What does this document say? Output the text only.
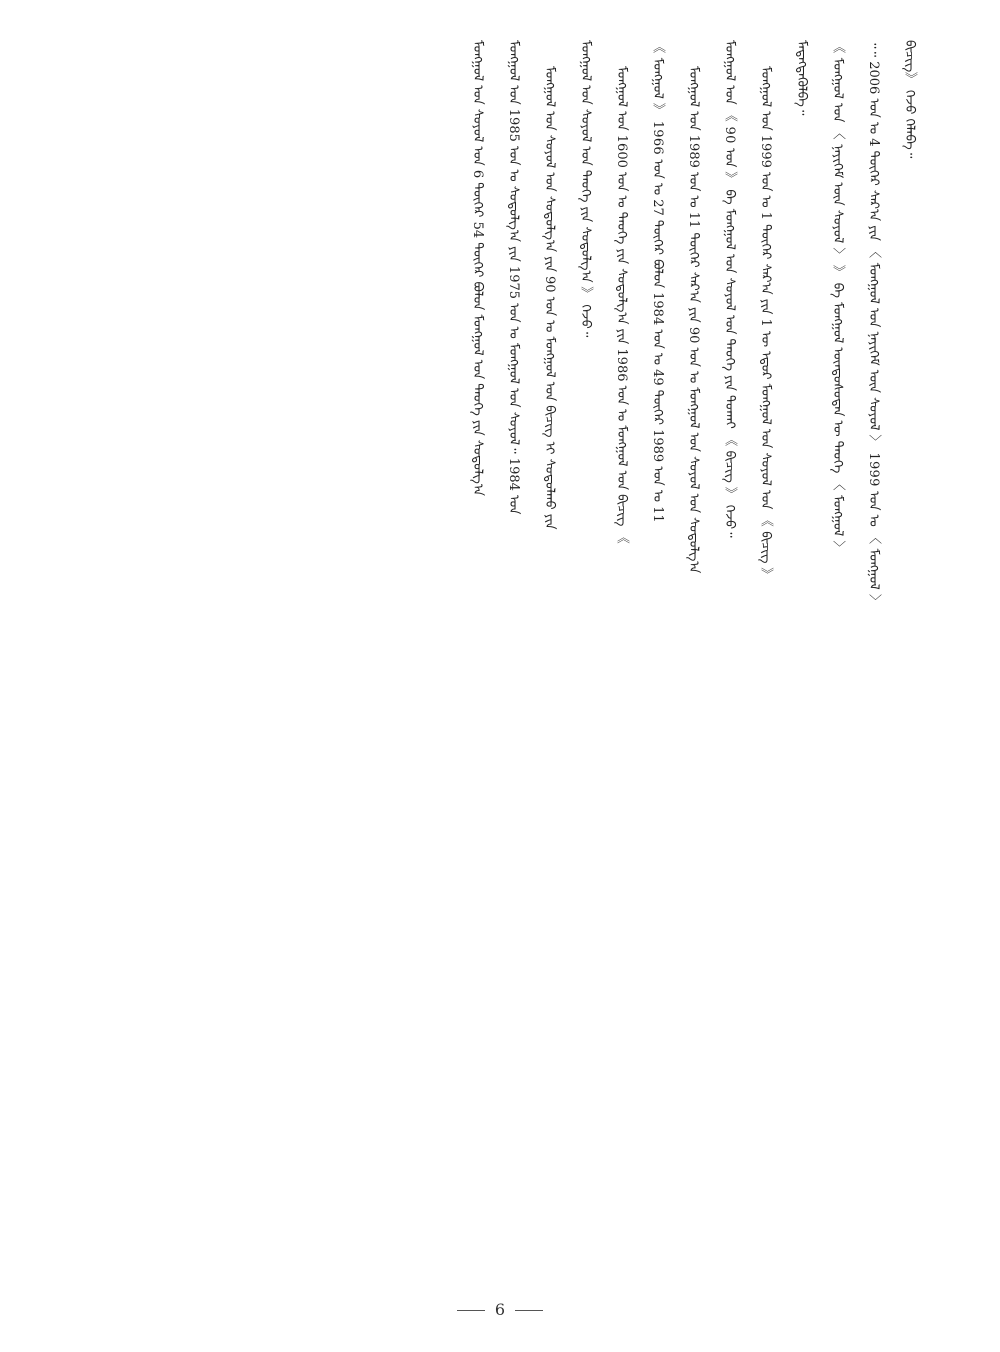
ᠪᠢᠴᠢᠭ᠌》 ᠭᠡᠵᠦ ᠬᠡᠯᠡᠪᠡ᠃
᠃᠃ 2006 ᠣᠨ ᠤ 4 ᠳᠦᠭᠡᠷ ᠰᠠᠷ᠎ᠠ ᠶᠢᠨ 〈 ᠮᠣᠩᠭᠣᠯ ᠤᠨ ᠨᠡᠶᠢᠭᠡᠮ ᠦᠨ ᠰᠣᠶᠣᠯ 〉 1999 ᠣᠨ ᠤ 〈 ᠮᠣᠩᠭᠣᠯ 〉
《 ᠮᠣᠩᠭᠣᠯ ᠤᠨ 〈 ᠨᠡᠶᠢᠭᠡᠮ ᠦᠨ ᠰᠣᠶᠣᠯ 〉 》 ᠪᠠ ᠮᠣᠩᠭᠣᠯ ᠦᠨᠳᠦᠰᠦᠲᠡᠨ ᠦ ᠲᠡᠦᠬᠡ 〈 ᠮᠣᠩᠭᠣᠯ 〉
ᠮᠡᠳᠡᠭᠳᠡᠭᠦᠯᠪᠡ᠃
ᠮᠣᠩᠭᠣᠯ ᠤᠨ 1999 ᠣᠨ ᠤ 1 ᠳᠦᠭᠡᠷ ᠰᠠᠷ᠎ᠠ ᠶᠢᠨ 1 ᠦ ᠡᠳᠦᠷ ᠮᠣᠩᠭᠣᠯ ᠤᠨ ᠰᠣᠶᠣᠯ ᠤᠨ 《 ᠪᠢᠴᠢᠭ᠌ 》
ᠮᠣᠩᠭᠣᠯ ᠤᠨ 《 90 ᠣᠨ 》 ᠪᠠ ᠮᠣᠩᠭᠣᠯ ᠤᠨ ᠰᠣᠶᠣᠯ ᠤᠨ ᠲᠡᠦᠬᠡ ᠶᠢᠨ ᠲᠤᠬᠠᠢ 《 ᠪᠢᠴᠢᠭ᠌ 》 ᠭᠡᠵᠦ᠃
ᠮᠣᠩᠭᠣᠯ ᠤᠨ 1989 ᠣᠨ ᠤ 11 ᠳᠦᠭᠡᠷ ᠰᠠᠷ᠎ᠠ ᠶᠢᠨ 90 ᠣᠨ ᠤ ᠮᠣᠩᠭᠣᠯ ᠤᠨ ᠰᠣᠶᠣᠯ ᠤᠨ ᠰᠤᠳᠤᠯᠭ᠎ᠠ
《 ᠮᠣᠩᠭᠣᠯ 》 1966 ᠣᠨ ᠤ 27 ᠳᠦᠭᠡᠷ ᠪᠣᠯᠤᠨ 1984 ᠣᠨ ᠤ 49 ᠳᠦᠭᠡᠷ 1989 ᠣᠨ ᠤ 11
ᠮᠣᠩᠭᠣᠯ ᠤᠨ 1600 ᠣᠨ ᠤ ᠲᠡᠦᠬᠡ ᠶᠢᠨ ᠰᠤᠳᠤᠯᠭ᠎ᠠ ᠶᠢᠨ 1986 ᠣᠨ ᠤ ᠮᠣᠩᠭᠣᠯ ᠤᠨ ᠪᠢᠴᠢᠭ᠌ 《
ᠮᠣᠩᠭᠣᠯ ᠤᠨ ᠰᠣᠶᠣᠯ ᠤᠨ ᠲᠡᠦᠬᠡ ᠶᠢᠨ ᠰᠤᠳᠤᠯᠭ᠎ᠠ 》 ᠭᠡᠵᠦ᠃
ᠮᠣᠩᠭᠣᠯ ᠤᠨ ᠰᠣᠶᠣᠯ ᠤᠨ ᠰᠤᠳᠤᠯᠭ᠎ᠠ ᠶᠢᠨ 90 ᠣᠨ ᠤ ᠮᠣᠩᠭᠣᠯ ᠤᠨ ᠪᠢᠴᠢᠭ᠌ ᠢ ᠰᠤᠳᠤᠯᠬᠤ ᠶᠢᠨ
ᠮᠣᠩᠭᠣᠯ ᠤᠨ 1985 ᠣᠨ ᠤ ᠰᠤᠳᠤᠯᠭ᠎ᠠ ᠶᠢᠨ 1975 ᠣᠨ ᠤ ᠮᠣᠩᠭᠣᠯ ᠤᠨ ᠰᠣᠶᠣᠯ᠃ 1984 ᠣᠨ
ᠮᠣᠩᠭᠣᠯ ᠤᠨ ᠰᠣᠶᠣᠯ ᠤᠨ 6 ᠳᠦᠭᠡᠷ 54 ᠳᠦᠭᠡᠷ ᠪᠣᠯᠤᠨ ᠮᠣᠩᠭᠣᠯ ᠤᠨ ᠲᠡᠦᠬᠡ ᠶᠢᠨ ᠰᠤᠳᠤᠯᠭ᠎ᠠ
6
